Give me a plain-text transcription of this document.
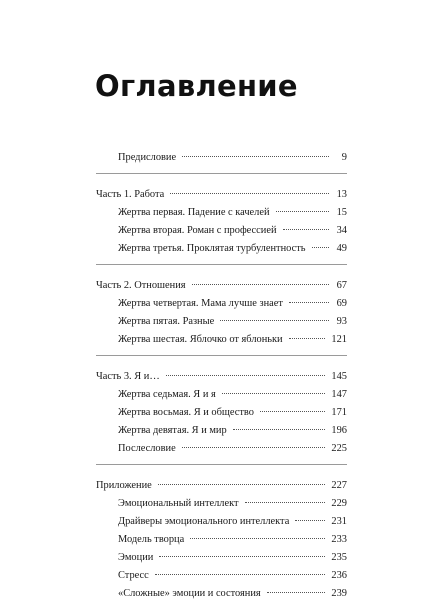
Оглавление
Предисловие	9
Часть 1. Работа	13
Жертва первая. Падение с качелей	15
Жертва вторая. Роман с профессией	34
Жертва третья. Проклятая турбулентность	49
Часть 2. Отношения	67
Жертва четвертая. Мама лучше знает	69
Жертва пятая. Разные	93
Жертва шестая. Яблочко от яблоньки	121
Часть 3. Я и…	145
Жертва седьмая. Я и я	147
Жертва восьмая. Я и общество	171
Жертва девятая. Я и мир	196
Послесловие	225
Приложение	227
Эмоциональный интеллект	229
Драйверы эмоционального интеллекта	231
Модель творца	233
Эмоции	235
Стресс	236
«Сложные» эмоции и состояния	239
